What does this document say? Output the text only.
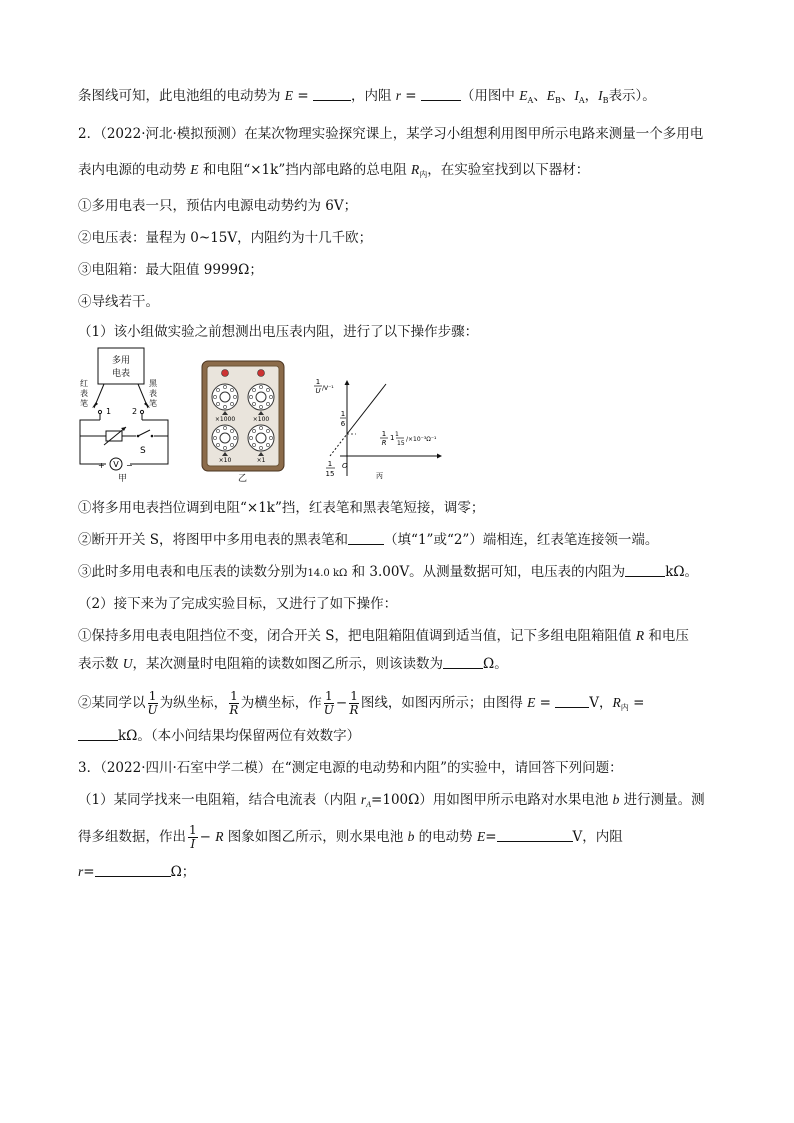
条图线可知，此电池组的电动势为 E =	，内阻 r =	（用图中 $E_A$、$E_B$、$I_A$，$I_B$表示）。
2．（2022·河北·模拟预测）在某次物理实验探究课上，某学习小组想利用图甲所示电路来测量一个多用电
表内电源的电动势 E 和电阻“×1k”挡内部电路的总电阻 $R_内$，在实验室找到以下器材：
①多用电表一只，预估内电源电动势约为 6V；
②电压表：量程为 0~15V，内阻约为十几千欧；
③电阻箱：最大阻值 9999Ω；
④导线若干。
（1）该小组做实验之前想测出电压表内阻，进行了以下操作步骤：
多用
电表
红
表
笔
黑
表
笔
1	2
S
+ V −
甲
×1000	×100
×10	×1
乙
1
U /V⁻¹
1
6
1
R
1 1
15
/×10⁻³Ω⁻¹
O
1
15	丙
①将多用电表挡位调到电阻“×1k”挡，红表笔和黑表笔短接，调零；
②断开开关 S，将图甲中多用电表的黑表笔和	（填“1”或“2”）端相连，红表笔连接领一端。
③此时多用电表和电压表的读数分别为14.0 kΩ 和 3.00V。从测量数据可知，电压表的内阻为	kΩ。
（2）接下来为了完成实验目标，又进行了如下操作：
①保持多用电表电阻挡位不变，闭合开关 S，把电阻箱阻值调到适当值，记下多组电阻箱阻值 R 和电压
表示数 U，某次测量时电阻箱的读数如图乙所示，则该读数为	Ω。
②某同学以 $\frac{1}{U}$ 为纵坐标， $\frac{1}{R}$ 为横坐标，作 $\frac{1}{U} - \frac{1}{R}$ 图线，如图丙所示；由图得 E =	V，$R_内$ =
kΩ。（本小问结果均保留两位有效数字）
3．（2022·四川·石室中学二模）在“测定电源的电动势和内阻”的实验中，请回答下列问题：
（1）某同学找来一电阻箱，结合电流表（内阻 $r_A=100\Omega$）用如图甲所示电路对水果电池 b 进行测量。测
得多组数据，作出 $\frac{1}{I} - R$ 图象如图乙所示，则水果电池 b 的电动势 E=	V，内阻
r=	Ω；
